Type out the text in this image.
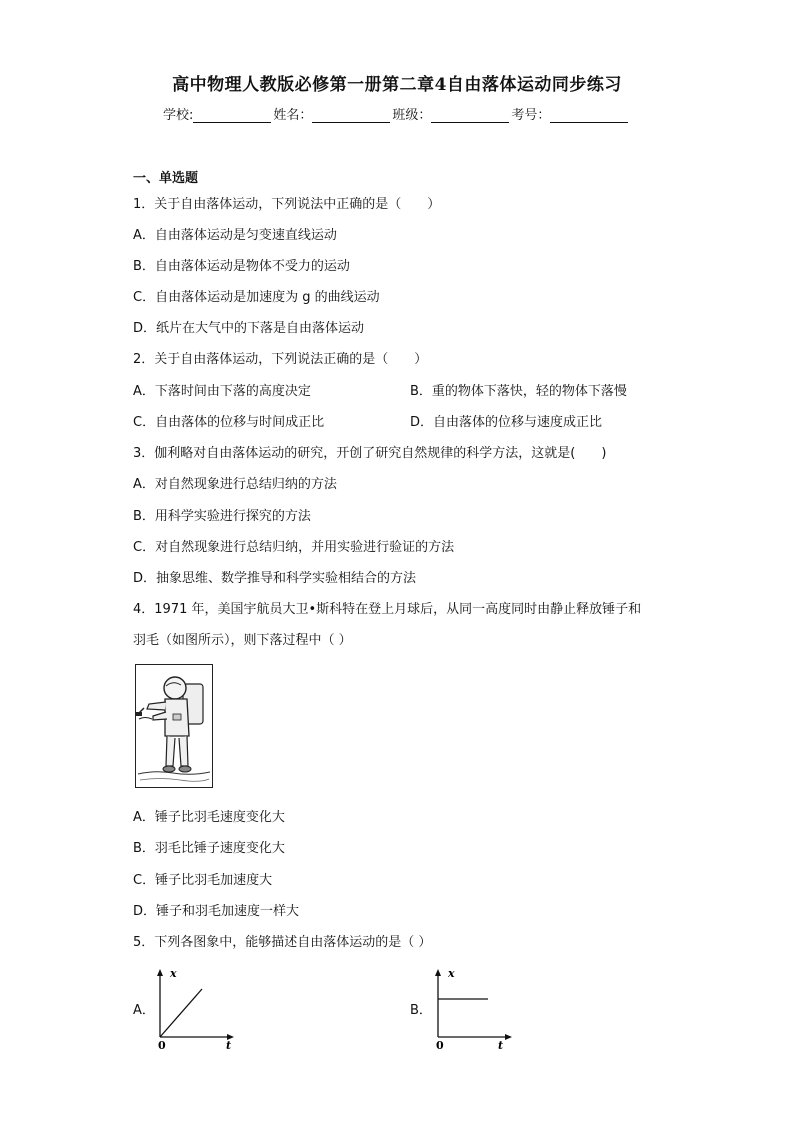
高中物理人教版必修第一册第二章4自由落体运动同步练习
学校:	姓名：	班级：	考号：
一、单选题
1．关于自由落体运动，下列说法中正确的是（　　）
A．自由落体运动是匀变速直线运动
B．自由落体运动是物体不受力的运动
C．自由落体运动是加速度为 g 的曲线运动
D．纸片在大气中的下落是自由落体运动
2．关于自由落体运动，下列说法正确的是（　　）
A．下落时间由下落的高度决定	B．重的物体下落快，轻的物体下落慢
C．自由落体的位移与时间成正比	D．自由落体的位移与速度成正比
3．伽利略对自由落体运动的研究，开创了研究自然规律的科学方法，这就是(　　)
A．对自然现象进行总结归纳的方法
B．用科学实验进行探究的方法
C．对自然现象进行总结归纳，并用实验进行验证的方法
D．抽象思维、数学推导和科学实验相结合的方法
4．1971 年，美国宇航员大卫•斯科特在登上月球后，从同一高度同时由静止释放锤子和
羽毛（如图所示），则下落过程中（ ）
A．锤子比羽毛速度变化大
B．羽毛比锤子速度变化大
C．锤子比羽毛加速度大
D．锤子和羽毛加速度一样大
5．下列各图象中，能够描述自由落体运动的是（ ）
A．
x
t
0
B．
x
t
0
